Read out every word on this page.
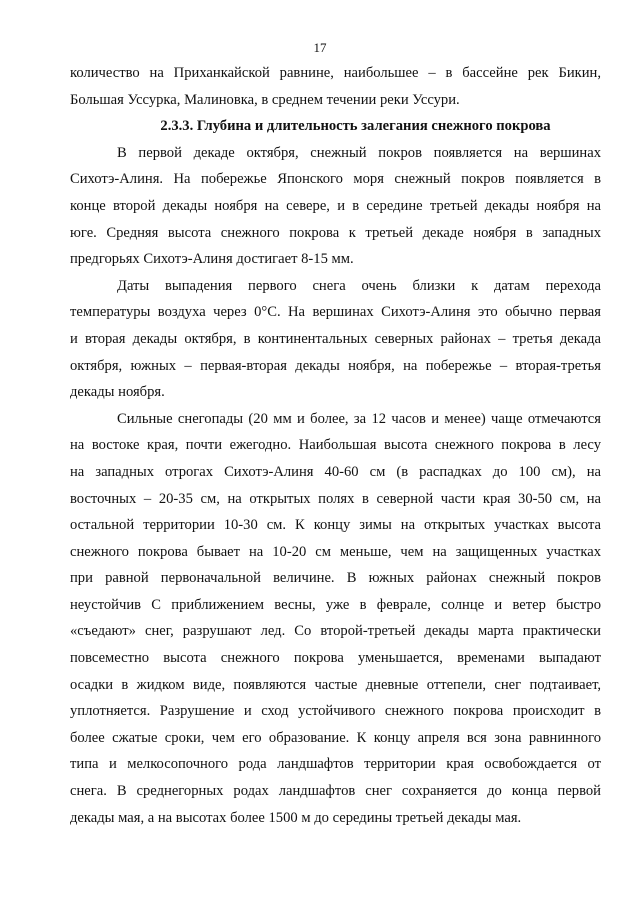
17
количество на Приханкайской равнине, наибольшее – в бассейне рек Бикин,
Большая Уссурка, Малиновка, в среднем течении реки Уссури.
2.3.3. Глубина и длительность залегания снежного покрова
В первой декаде октября, снежный покров появляется на вершинах
Сихотэ-Алиня. На побережье Японского моря снежный покров появляется в
конце второй декады ноября на севере, и в середине третьей декады ноября на
юге. Средняя высота снежного покрова к третьей декаде ноября в западных
предгорьях Сихотэ-Алиня достигает 8-15 мм.
Даты выпадения первого снега очень близки к датам перехода
температуры воздуха через 0°С. На вершинах Сихотэ-Алиня это обычно первая
и вторая декады октября, в континентальных северных районах – третья декада
октября, южных – первая-вторая декады ноября, на побережье – вторая-третья
декады ноября.
Сильные снегопады (20 мм и более, за 12 часов и менее) чаще отмечаются
на востоке края, почти ежегодно. Наибольшая высота снежного покрова в лесу
на западных отрогах Сихотэ-Алиня 40-60 см (в распадках до 100 см), на
восточных – 20-35 см, на открытых полях в северной части края 30-50 см, на
остальной территории 10-30 см. К концу зимы на открытых участках высота
снежного покрова бывает на 10-20 см меньше, чем на защищенных участках
при равной первоначальной величине. В южных районах снежный покров
неустойчив С приближением весны, уже в феврале, солнце и ветер быстро
«съедают» снег, разрушают лед. Со второй-третьей декады марта практически
повсеместно высота снежного покрова уменьшается, временами выпадают
осадки в жидком виде, появляются частые дневные оттепели, снег подтаивает,
уплотняется. Разрушение и сход устойчивого снежного покрова происходит в
более сжатые сроки, чем его образование. К концу апреля вся зона равнинного
типа и мелкосопочного рода ландшафтов территории края освобождается от
снега. В среднегорных родах ландшафтов снег сохраняется до конца первой
декады мая, а на высотах более 1500 м до середины третьей декады мая.
